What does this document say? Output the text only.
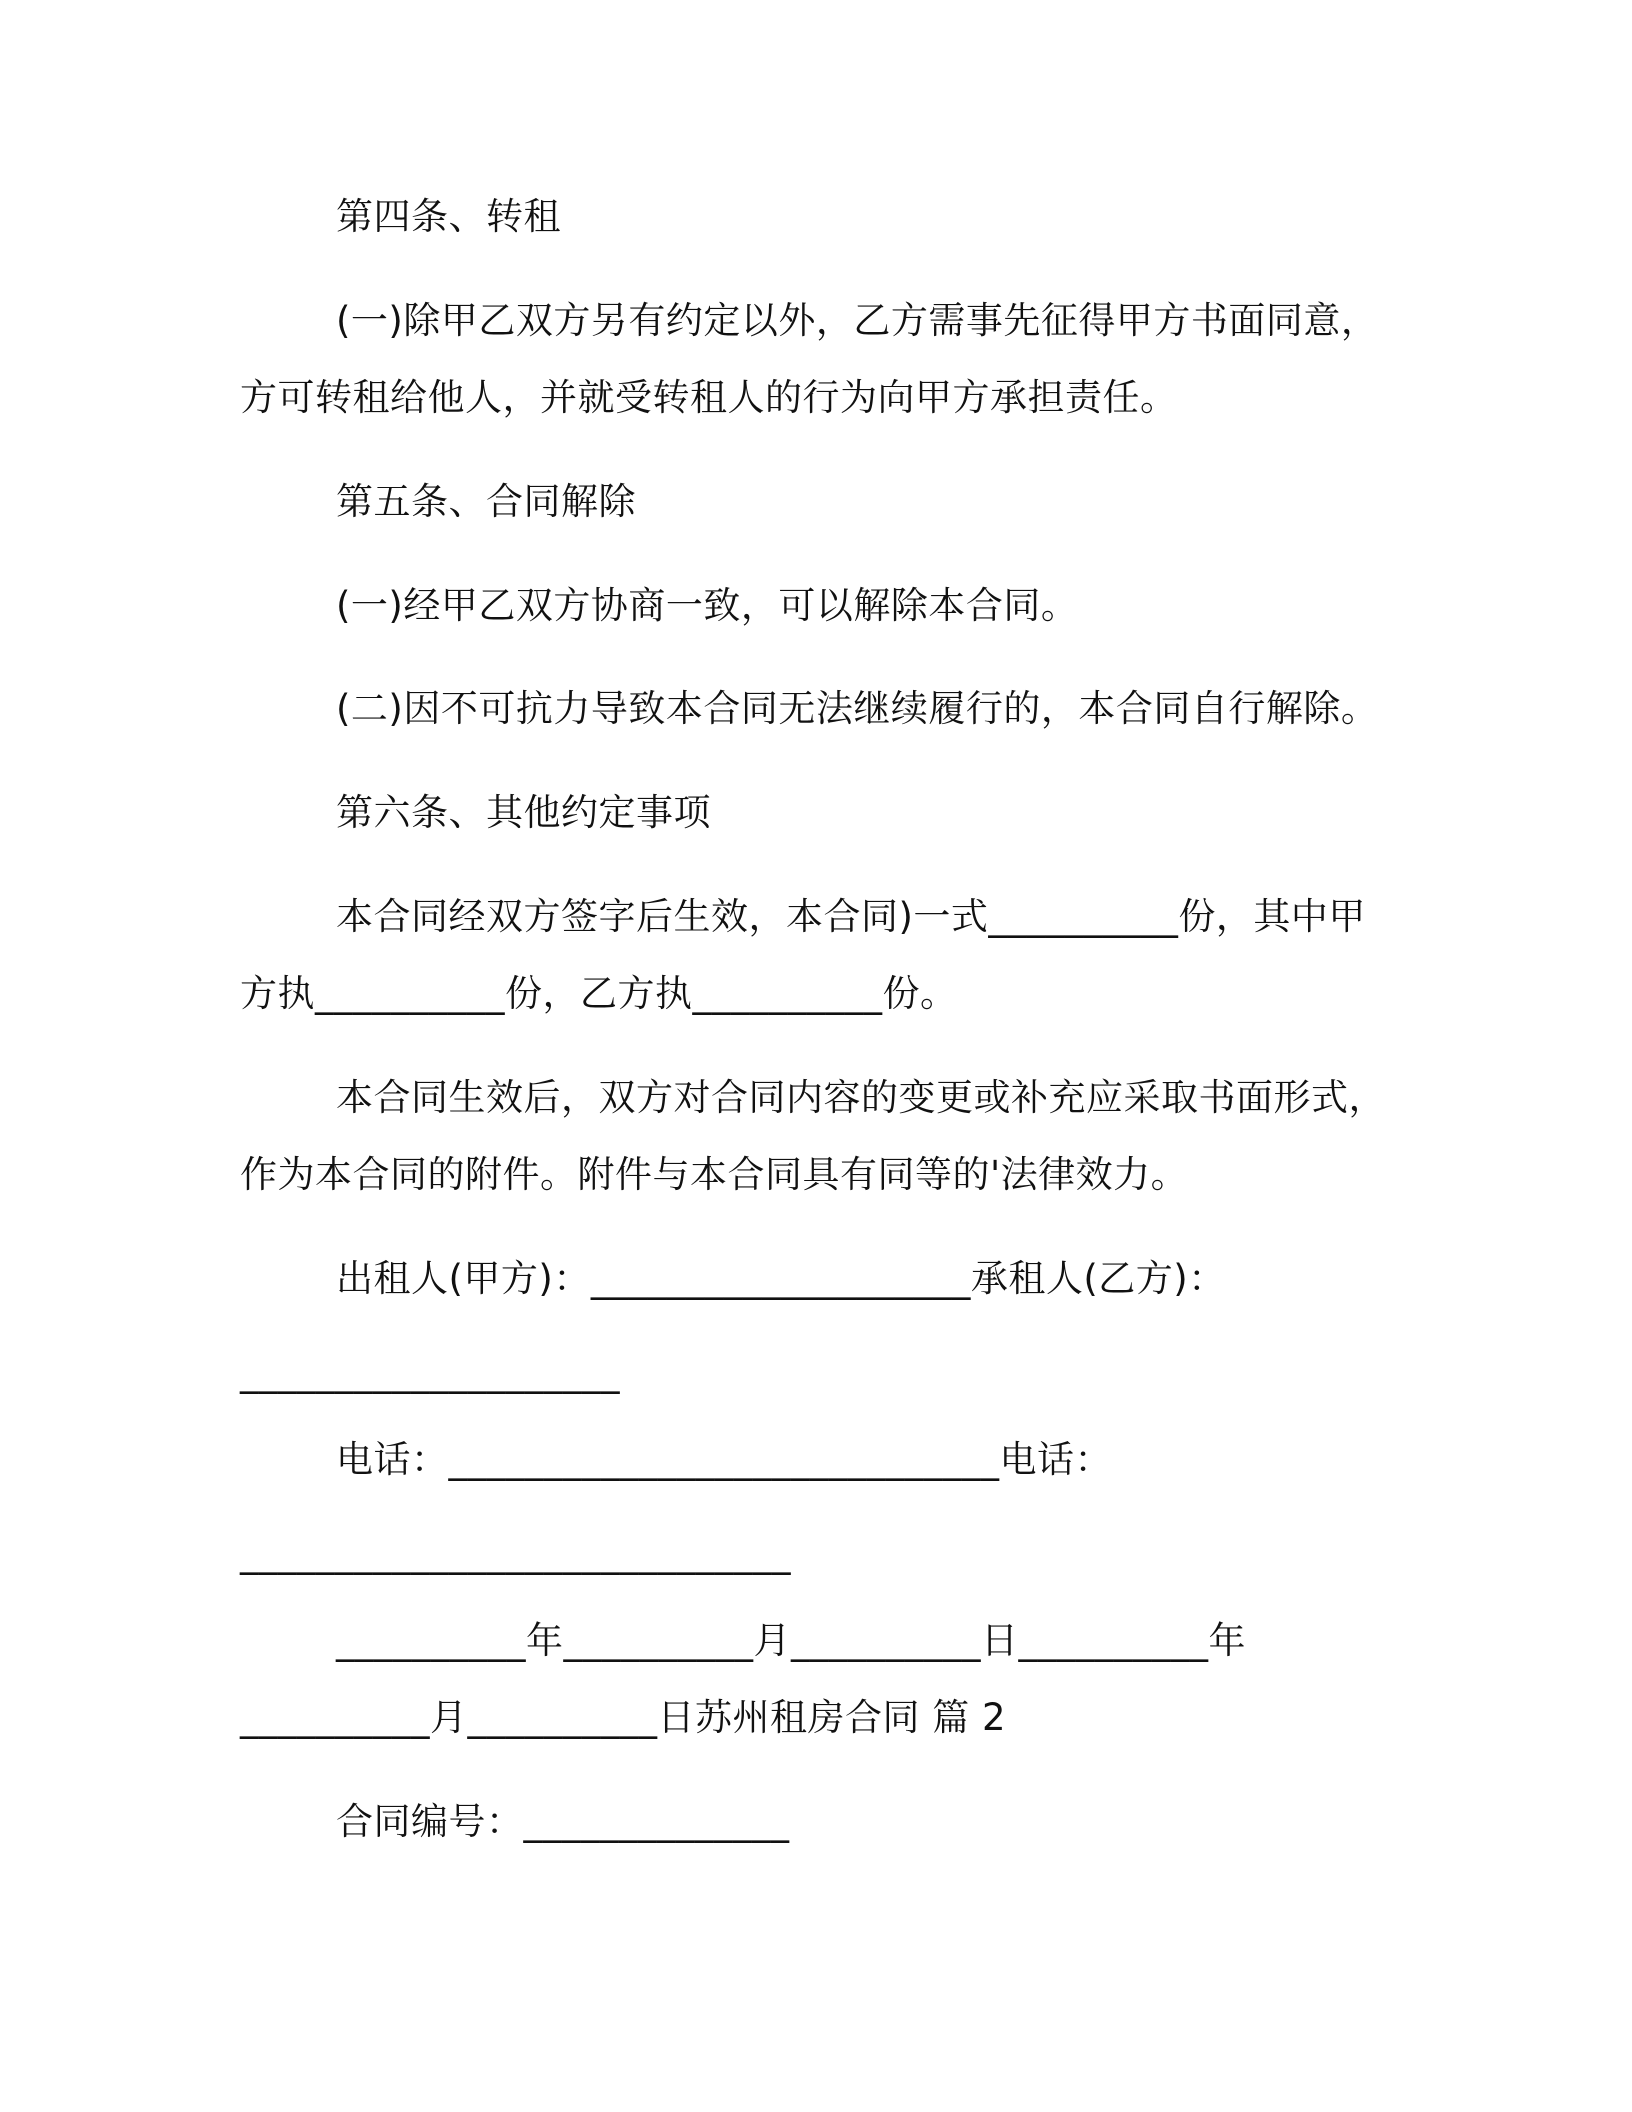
第四条、转租
(一)除甲乙双方另有约定以外，乙方需事先征得甲方书面同意，
方可转租给他人，并就受转租人的行为向甲方承担责任。
第五条、合同解除
(一)经甲乙双方协商一致，可以解除本合同。
(二)因不可抗力导致本合同无法继续履行的，本合同自行解除。
第六条、其他约定事项
本合同经双方签字后生效，本合同)一式__________份，其中甲
方执__________份，乙方执__________份。
本合同生效后，双方对合同内容的变更或补充应采取书面形式，
作为本合同的附件。附件与本合同具有同等的'法律效力。
出租人(甲方)：____________________承租人(乙方)：
____________________
电话：_____________________________电话：
_____________________________
__________年__________月__________日__________年
__________月__________日苏州租房合同 篇 2
合同编号：______________
